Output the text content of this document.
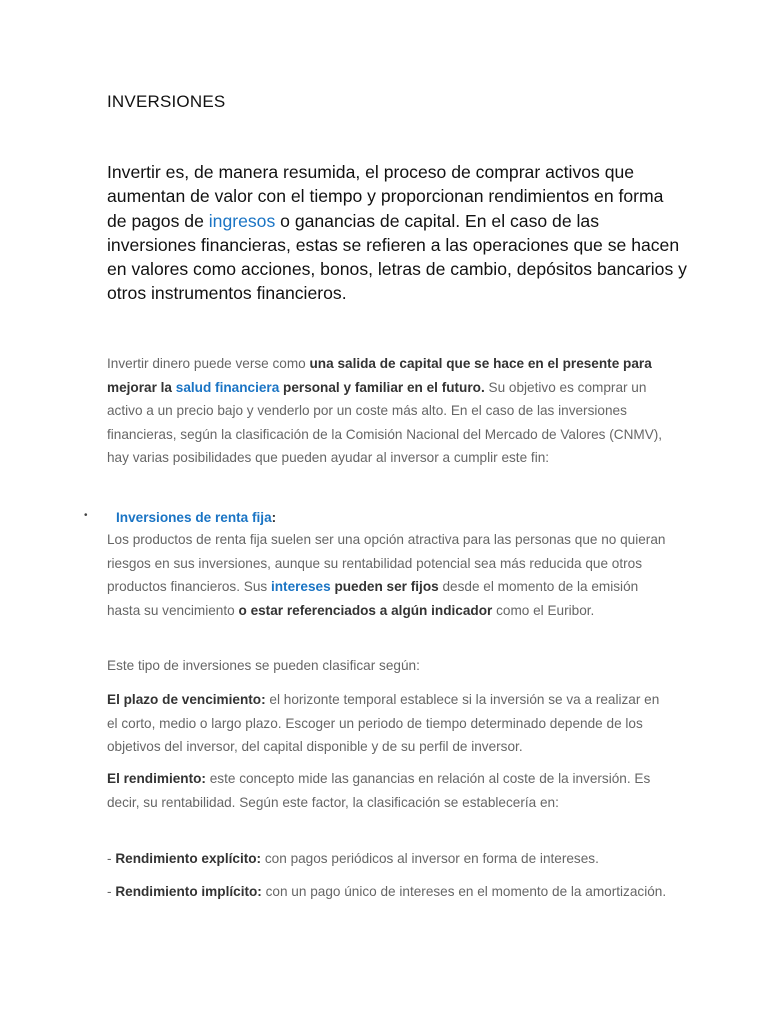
INVERSIONES

Invertir es, de manera resumida, el proceso de comprar activos que aumentan de valor con el tiempo y proporcionan rendimientos en forma de pagos de ingresos o ganancias de capital. En el caso de las inversiones financieras, estas se refieren a las operaciones que se hacen en valores como acciones, bonos, letras de cambio, depósitos bancarios y otros instrumentos financieros.

Invertir dinero puede verse como una salida de capital que se hace en el presente para mejorar la salud financiera personal y familiar en el futuro. Su objetivo es comprar un activo a un precio bajo y venderlo por un coste más alto. En el caso de las inversiones financieras, según la clasificación de la Comisión Nacional del Mercado de Valores (CNMV), hay varias posibilidades que pueden ayudar al inversor a cumplir este fin:

• Inversiones de renta fija:

Los productos de renta fija suelen ser una opción atractiva para las personas que no quieran riesgos en sus inversiones, aunque su rentabilidad potencial sea más reducida que otros productos financieros. Sus intereses pueden ser fijos desde el momento de la emisión hasta su vencimiento o estar referenciados a algún indicador como el Euribor.

Este tipo de inversiones se pueden clasificar según:

El plazo de vencimiento: el horizonte temporal establece si la inversión se va a realizar en el corto, medio o largo plazo. Escoger un periodo de tiempo determinado depende de los objetivos del inversor, del capital disponible y de su perfil de inversor.

El rendimiento: este concepto mide las ganancias en relación al coste de la inversión. Es decir, su rentabilidad. Según este factor, la clasificación se establecería en:

- Rendimiento explícito: con pagos periódicos al inversor en forma de intereses.

- Rendimiento implícito: con un pago único de intereses en el momento de la amortización.
